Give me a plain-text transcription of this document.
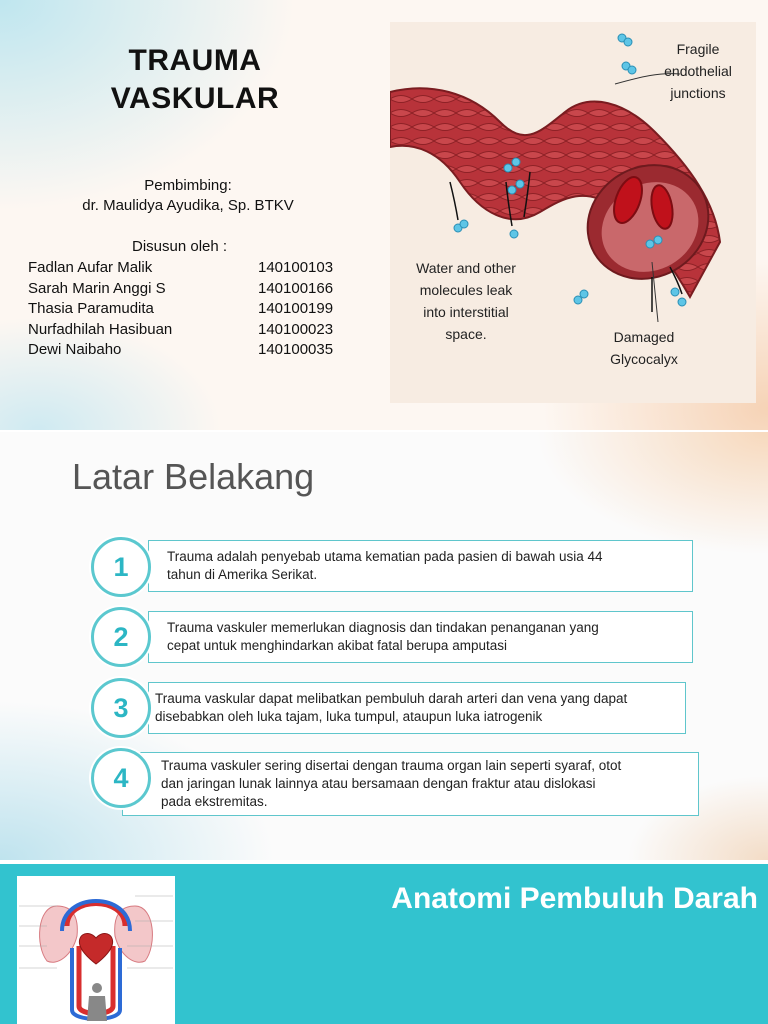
TRAUMA
VASKULAR
Pembimbing:
dr. Maulidya Ayudika, Sp. BTKV
Disusun oleh :
Fadlan Aufar Malik	140100103
Sarah Marin Anggi S	140100166
Thasia Paramudita	140100199
Nurfadhilah Hasibuan	140100023
Dewi Naibaho	140100035
Fragile
endothelial
junctions
Water and other
molecules leak
into interstitial
space.	Damaged
Glycocalyx
Latar Belakang
1	Trauma adalah penyebab utama kematian pada pasien di bawah usia 44
tahun di Amerika Serikat.
2	Trauma vaskuler memerlukan diagnosis dan tindakan penanganan yang
cepat untuk menghindarkan akibat fatal berupa amputasi
3	Trauma vaskular dapat melibatkan pembuluh darah arteri dan vena yang dapat
disebabkan oleh luka tajam, luka tumpul, ataupun luka iatrogenik
4	Trauma vaskuler sering disertai dengan trauma organ lain seperti syaraf, otot
dan jaringan lunak lainnya atau bersamaan dengan fraktur atau dislokasi
pada ekstremitas.
Anatomi Pembuluh Darah
